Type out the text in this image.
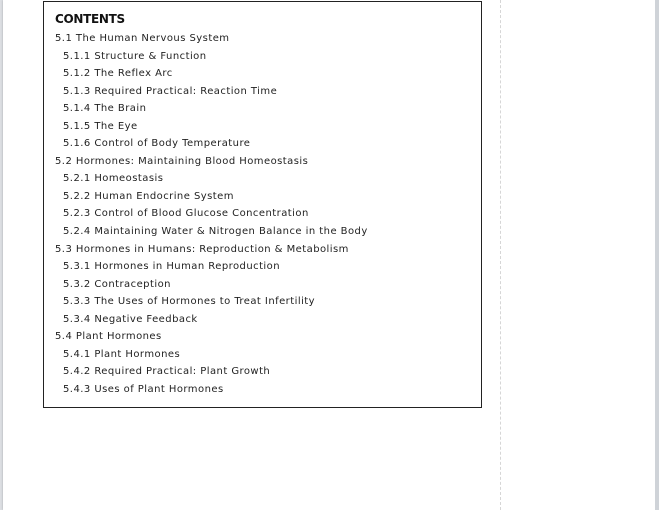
CONTENTS
5.1 The Human Nervous System
5.1.1 Structure & Function
5.1.2 The Reflex Arc
5.1.3 Required Practical: Reaction Time
5.1.4 The Brain
5.1.5 The Eye
5.1.6 Control of Body Temperature
5.2 Hormones: Maintaining Blood Homeostasis
5.2.1 Homeostasis
5.2.2 Human Endocrine System
5.2.3 Control of Blood Glucose Concentration
5.2.4 Maintaining Water & Nitrogen Balance in the Body
5.3 Hormones in Humans: Reproduction & Metabolism
5.3.1 Hormones in Human Reproduction
5.3.2 Contraception
5.3.3 The Uses of Hormones to Treat Infertility
5.3.4 Negative Feedback
5.4 Plant Hormones
5.4.1 Plant Hormones
5.4.2 Required Practical: Plant Growth
5.4.3 Uses of Plant Hormones
